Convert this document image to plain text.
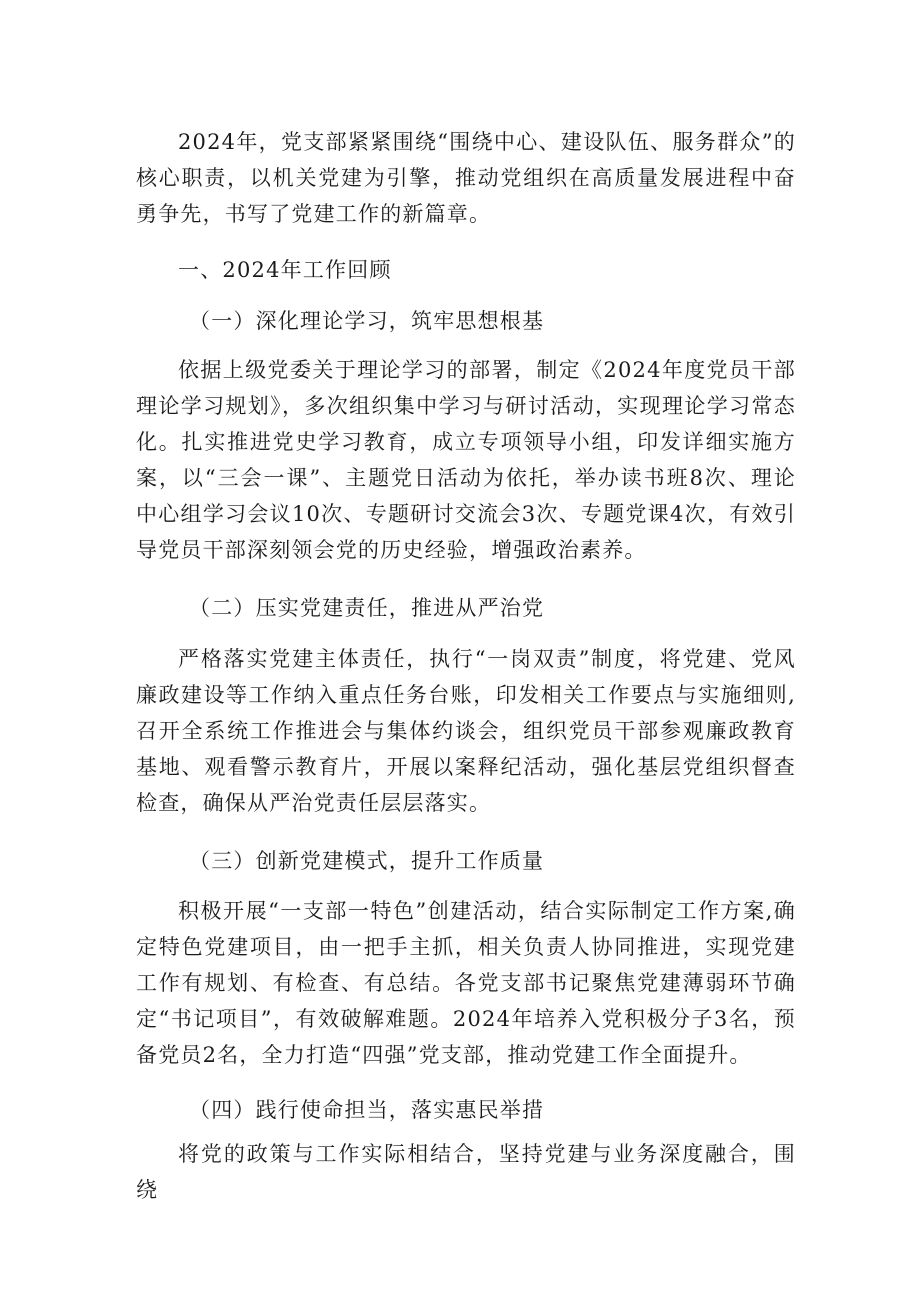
2024年，党支部紧紧围绕“围绕中心、建设队伍、服务群众”的核心职责，以机关党建为引擎，推动党组织在高质量发展进程中奋勇争先，书写了党建工作的新篇章。

一、2024年工作回顾

（一）深化理论学习，筑牢思想根基

依据上级党委关于理论学习的部署，制定《2024年度党员干部理论学习规划》，多次组织集中学习与研讨活动，实现理论学习常态化。扎实推进党史学习教育，成立专项领导小组，印发详细实施方案，以“三会一课”、主题党日活动为依托，举办读书班8次、理论中心组学习会议10次、专题研讨交流会3次、专题党课4次，有效引导党员干部深刻领会党的历史经验，增强政治素养。

（二）压实党建责任，推进从严治党

严格落实党建主体责任，执行“一岗双责”制度，将党建、党风廉政建设等工作纳入重点任务台账，印发相关工作要点与实施细则,召开全系统工作推进会与集体约谈会，组织党员干部参观廉政教育基地、观看警示教育片，开展以案释纪活动，强化基层党组织督查检查，确保从严治党责任层层落实。

（三）创新党建模式，提升工作质量

积极开展“一支部一特色”创建活动，结合实际制定工作方案,确定特色党建项目，由一把手主抓，相关负责人协同推进，实现党建工作有规划、有检查、有总结。各党支部书记聚焦党建薄弱环节确定“书记项目”，有效破解难题。2024年培养入党积极分子3名，预备党员2名，全力打造“四强”党支部，推动党建工作全面提升。

（四）践行使命担当，落实惠民举措

将党的政策与工作实际相结合，坚持党建与业务深度融合，围绕
